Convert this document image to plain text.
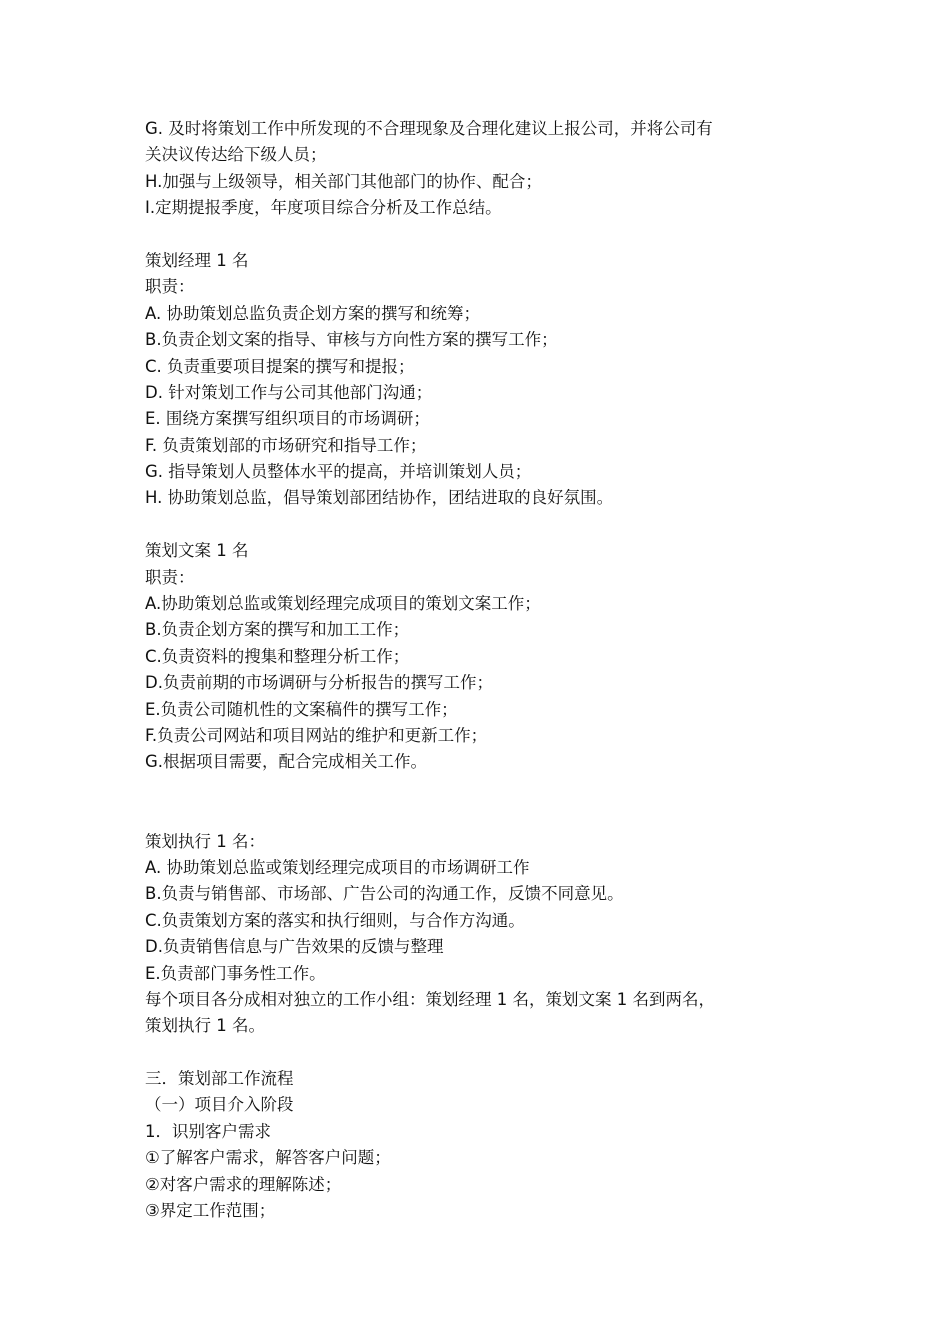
G. 及时将策划工作中所发现的不合理现象及合理化建议上报公司，并将公司有
关决议传达给下级人员；
H.加强与上级领导，相关部门其他部门的协作、配合；
I.定期提报季度，年度项目综合分析及工作总结。
策划经理 1 名
职责：
A. 协助策划总监负责企划方案的撰写和统筹；
B.负责企划文案的指导、审核与方向性方案的撰写工作；
C. 负责重要项目提案的撰写和提报；
D. 针对策划工作与公司其他部门沟通；
E. 围绕方案撰写组织项目的市场调研；
F. 负责策划部的市场研究和指导工作；
G. 指导策划人员整体水平的提高，并培训策划人员；
H. 协助策划总监，倡导策划部团结协作，团结进取的良好氛围。
策划文案 1 名
职责：
A.协助策划总监或策划经理完成项目的策划文案工作；
B.负责企划方案的撰写和加工工作；
C.负责资料的搜集和整理分析工作；
D.负责前期的市场调研与分析报告的撰写工作；
E.负责公司随机性的文案稿件的撰写工作；
F.负责公司网站和项目网站的维护和更新工作；
G.根据项目需要，配合完成相关工作。
策划执行 1 名：
A. 协助策划总监或策划经理完成项目的市场调研工作
B.负责与销售部、市场部、广告公司的沟通工作，反馈不同意见。
C.负责策划方案的落实和执行细则，与合作方沟通。
D.负责销售信息与广告效果的反馈与整理
E.负责部门事务性工作。
每个项目各分成相对独立的工作小组：策划经理 1 名，策划文案 1 名到两名，
策划执行 1 名。
三．策划部工作流程
（一）项目介入阶段
1．识别客户需求
①了解客户需求，解答客户问题；
②对客户需求的理解陈述；
③界定工作范围；
